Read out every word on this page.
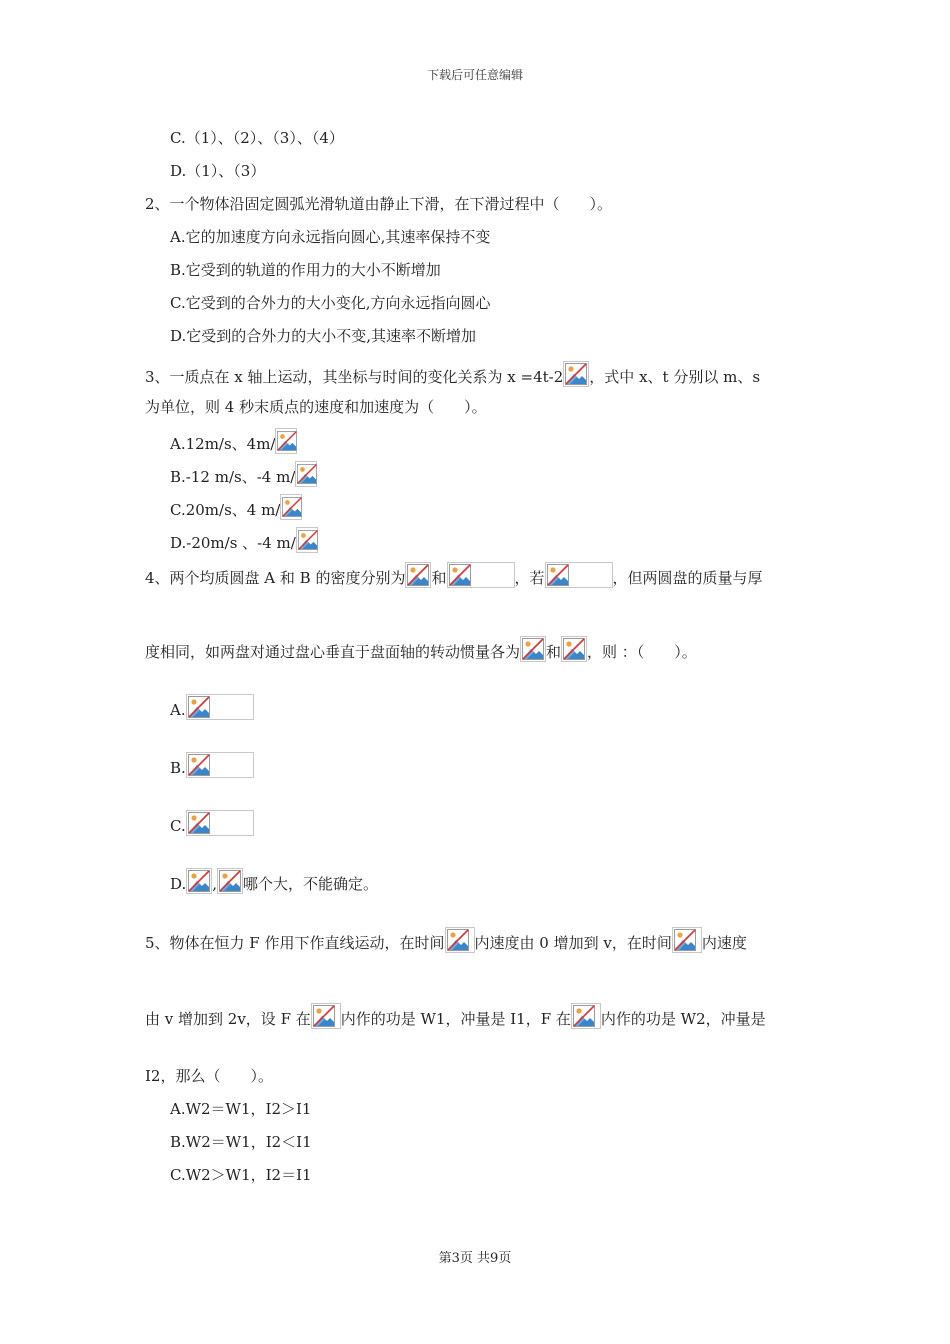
下载后可任意编辑
C.（1）、（2）、（3）、（4）
D.（1）、（3）
2、一个物体沿固定圆弧光滑轨道由静止下滑，在下滑过程中（　　）。
A.它的加速度方向永远指向圆心,其速率保持不变
B.它受到的轨道的作用力的大小不断增加
C.它受到的合外力的大小变化,方向永远指向圆心
D.它受到的合外力的大小不变,其速率不断增加
3、一质点在 x 轴上运动，其坐标与时间的变化关系为 x =4t-2 ，式中 x、t 分别以 m、s
为单位，则 4 秒末质点的速度和加速度为（　　）。
A.12m/s、4m/
B.-12 m/s、-4 m/
C.20m/s、4 m/
D.-20m/s 、-4 m/
4、两个均质圆盘 A 和 B 的密度分别为 和	，若	，但两圆盘的质量与厚
度相同，如两盘对通过盘心垂直于盘面轴的转动惯量各为 和 ，则 ：（　　）。
A.
B.
C.
D. , 哪个大，不能确定。
5、物体在恒力 F 作用下作直线运动，在时间 内速度由 0 增加到 v，在时间 内速度
由 v 增加到 2v，设 F 在 内作的功是 W1，冲量是 I1，F 在 内作的功是 W2，冲量是
I2，那么（　　）。
A.W2＝W1，I2＞I1
B.W2＝W1，I2＜I1
C.W2＞W1，I2＝I1
第3页 共9页
